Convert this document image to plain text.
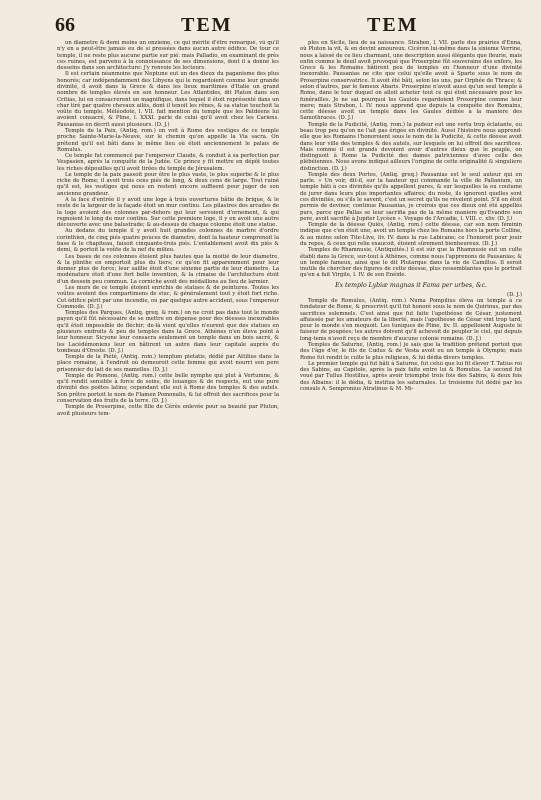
66	TEM	TEM

un diametre & demi moins un onzieme, ce qui mérite d'être remarqué, vû qu'il n'y en a peut-être jamais eu de si pressées dans aucun autre édifice. De tour ce temple, il ne reste plus aucune partie sur pié: mais Palladio, en examinant de près ces ruines, est parvenu à la connoissance de ses dimensions, dont il a donné les desseins dans son architecture: j'y renvoie les lecteurs.

Il est certain néanmoins que Neptune eut un des dieux du paganisme des plus honorés; car indépendamment des Libyens qui le regardoient comme leur grande divinité, il avoit dans la Grece & dans les lieux maritimes d'Italie un grand nombre de temples élevés en son honneur. Les Atlantides, dit Platon dans son Critias, lui en consacrerent un magnifique, dans lequel il étoit représenté dans un char tiré par quatre chevaux ailés, dont il tenoit les rênes, & sa statue touchoit la voûte du temple. Méléodote, l. VII. fait mention du temple que les Patdéens lui avoient consacré, & Pline, l. XXXI. parle de celui qu'il avoit chez les Cariens. Pausanias en décrit aussi plusieurs. (D. J.)

Temple de la Paix, (Antiq. rom.) on voit à Rome des vestiges de ce temple proche Sainte-Marie-la-Neuve, sur le chemin qu'on appelle la Via sacra. On prétend qu'il est bâti dans le même lieu où étoit anciennement le palais de Romulus.

Ce temple fut commencé par l'empereur Claude, & conduit à sa perfection par Vespasien, après la conquête de la Judée. Ce prince y fit mettre en dépôt toutes les riches dépouilles qu'il avoit tirées du temple de Jérusalem.

Le temple de la paix passoit pour être le plus vaste, le plus superbe & le plus riche de Rome; il avoit trois cens piés de long, & deux cens de large. Tout ruiné qu'il est, les vestiges qui nous en restent encore suffisent pour juger de son ancienne grandeur.

A la face d'entrée il y avoit une loge à trois ouvertures bâtie de brique, & le reste de la largeur de la façade étoit un mur continu. Les pilastres des arcades de la loge avoient des colonnes par-dehors qui leur servoient d'ornement, & qui regnoient le long du mur continu. Sur cette premiere loge, il y en avoit une autre découverte avec une balustrade; & au-dessus de chaque colonne étoit une statue.

Au dedans du temple il y avoit huit grandes colonnes de marbre d'ordre corinthien, de cinq piés quatre pouces de diametre, dont la hauteur comprenoit la base & le chapiteau, faisoit cinquante-trois piés. L'entablement avoit dix piés & demi, & portoit la voûte de la nef du milieu.

Les bases de ces colonnes étoient plus hautes que la moitié de leur diametre, & la plinthe en emportoit plus du tiers; ce qu'on fit apparemment pour leur donner plus de force; leur saillie étoit d'une sixieme partie de leur diametre. La modénature étoit d'une fort belle invention, & la cimaise de l'architecture étoit d'un dessein peu commun. La corniche avoit des médaillons au lieu de larmier.

Les murs de ce temple étoient enrichis de statues & de peintures. Toutes les voûtes avoient des compartimens de stuc, & généralement tout y étoit fort riche. Cet édifice périt par une incendie, ou par quelque autre accident, sous l'empereur Commode. (D. J.)

Temples des Parques, (Antiq. greq. & rom.) on ne croit pas dans tout le monde payen qu'il fût nécessaire de se mettre en dépense pour des déesses inexorables qu'il étoit impossible de fléchir; de-là vient qu'elles n'eurent que des statues en plusieurs endroits & peu de temples dans la Grece. Athènes n'en éleva point à leur honneur. Sicyone leur consacra seulement un temple dans un bois sacré, & les Lacédémoniens leur en bâtirent un autre dans leur capitale auprès du tombeau d'Oreste. (D. J.)

Temple de la Piété, (Antiq. rom.) templum pietatis, dédié par Attilius dans la place romaine, à l'endroit où demeuroit cette femme qui avoit nourri son pere prisonnier du lait de ses mamelles. (D. J.)

Temple de Pomone, (Antiq. rom.) cette belle nymphe qui plut à Vertumne, & qu'il rendit sensible à force de soins, de louanges & de respects, eut une pure divinité des poëtes latins; cependant elle eut à Rome des temples & des autels. Son prêtre portoit le nom de Flamen Pomonalis, & lui offroit des sacrifices pour la conservation des fruits de la terre. (D. J.)

Temple de Proserpine, cette fille de Cérès enlevée pour sa beauté par Pluton, avoit plusieurs tem-

ples en Sicile, lieu de sa naissance. Strabon, l. VII. parle des prairies d'Enna, où Pluton la vit, & en devint amoureux. Cicéron lui-même dans la sixieme Verrine, nous a laissé de ce lieu charmant, une description aussi élégante que fleurie, mais enfin comme le deuil avoit provoqué que Proserpine fût souveraine des enfers, les Grecs & les Romains bâtirent peu de temples en l'honneur d'une divinité inexorable. Pausanias ne cite que celui qu'elle avoit à Sparte sous le nom de Proserpine conservatrice. Il avoit été bâti, selon les uns, par Orphée de Thrace; & selon d'autres, par le fameux Abaris. Proserpine n'avoit aussi qu'un seul temple à Rome, dans le tour duquel on alloit acheter tout ce qui étoit nécessaire pour les funérailles. Je ne sai pourquoi les Gaulois regardoient Proserpine comme leur mere; mais Strabon, l. IV. nous apprend que depuis la conquête des Romains, cette déesse avoit un temple dans les Gaules dédiée à la maniere des Samothraces. (D. J.)

Temple de la Pudicité, (Antiq. rom.) la pudeur eut une vertu trop éclatante, ou beau trop peu qu'on ne l'ait pas érigée en divinité. Aussi l'histoire nous apprend-elle que les Romains l'honoroient sous le nom de la Pudicité, & cette déesse avoit dans leur ville des temples & des autels, sur lesquels on lui offroit des sacrifices. Mais comme il est grands devoient avoir d'autres dieux que le peuple, on distinguoit à Rome la Pudicité des dames patriciennes d'avec celle des plébéiennes. Nous avons indiqué ailleurs l'origine de cette originalité & singuliere distinction. (D. J.)

Temple des deux Portes, (Antiq. greq.) Pausanias est le seul auteur qui en parle. « Un voir, dit-il, sur la hauteur qui commande la ville de Pallanium, un temple bâti à ces divinités qu'ils appellent pures, & sur lesquelles la ou coutume de jurer dans leurs plus importantes affaires; du reste, ils ignorent quelles sont ces divinités, ou s'ils le savent, c'est un secret qu'ils ne révelent point. S'il en étoit permis de deviner, continue Pausanias, je croirois que ces dieux ont été appellés purs, parce que Pallas se leur sacrifia pas de la même maniere qu'Evandre son pere, avoit sacrifié à Jupiter Lycéen ». Voyage de l'Arcadie, l. VIII. c. xliv. (D. J.)

Temple de la déesse Quiès, (Antiq. rom.) cette déesse, car son nom féminin indique que c'en étoit une, avoit un temple chez les Romains hors la porte Colline, & au moins selon Tite-Live, liv. IV. dans la rue Labicane; ce l'honoroit pour jouir du repos, & ceux qui relie exaucoit, étoient sûrement bienheureux. (D. J.)

Temples de Rhamnusie, (Antiquités.) il est sûr que la Rhamnusie eut un culte établi dans la Grece, sur-tout à Athènes, comme nous l'apprenons de Pausanias; & un temple fameux, ainsi que le dit Plutarque dans la vie de Camillus. Il seroit inutile de chercher des figures de cette déesse, plus ressemblantes que le portrait qu'en a fait Virgile, l. IV. de son Enéide.

Ex templo Lybiæ magnas it Fama per urbes, &c.

(D. J.)

Temple de Romulus, (Antiq. rom.) Numa Pompilius éleva un temple à ce fondateur de Rome, & prescrivit qu'il fut honoré sous le nom de Quirinus, par des sacrifices solemnels. C'est ainsi que fut faite l'apothéose de César, justement affaissée par les amateurs de la liberté, mais l'apothéose de César vint trop tard, pour le monde s'en moquoit. Les tuniques de Pline, liv. II. appelloient Auguste le faiseur de poupées; les autres doivent qu'il achevoit de peupler le ciel, qui depuis long-tems n'avoit reçu de membre d'aucune colonie romaine. (D. J.)

Temples de Saturne, (Antiq. rom.) je sais que la tradition prétend portoit que des l'âge d'or, le fils de Cœlus & de Vesta avoit eu un temple à Olympie; mais Rome fut rendit le culte le plus religieux, & lui dédia divers temples.

Le premier temple qui fut bâti à Saturne, fut celui que lui fit élever T. Tatius roi des Sabins, au Capitole, après la paix faite entre lui & Romulus. Le second fut voué par Tullus Hostilius, après avoir triomphé trois fois des Sabins, & deux fois des Albains: il le dédia, & institua les saturnales. Le troisieme fut dédié par les consuls A. Sempronius Atratinus & M. Mi-
